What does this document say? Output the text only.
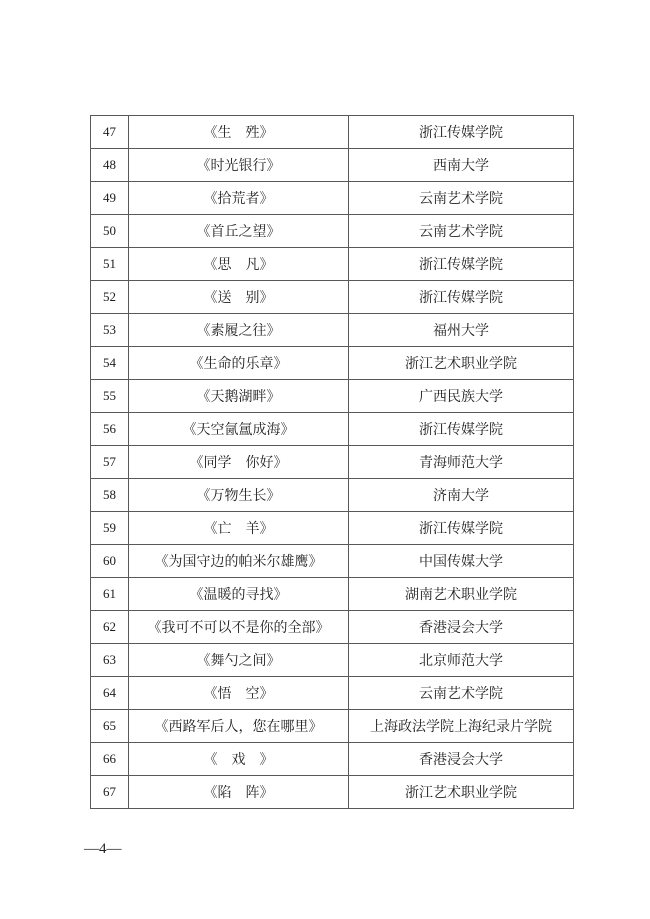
47	《生　殅》	浙江传媒学院
48	《时光银行》	西南大学
49	《拾荒者》	云南艺术学院
50	《首丘之望》	云南艺术学院
51	《思　凡》	浙江传媒学院
52	《送　别》	浙江传媒学院
53	《素履之往》	福州大学
54	《生命的乐章》	浙江艺术职业学院
55	《天鹅湖畔》	广西民族大学
56	《天空氤氲成海》	浙江传媒学院
57	《同学　你好》	青海师范大学
58	《万物生长》	济南大学
59	《亡　羊》	浙江传媒学院
60	《为国守边的帕米尔雄鹰》	中国传媒大学
61	《温暖的寻找》	湖南艺术职业学院
62	《我可不可以不是你的全部》	香港浸会大学
63	《舞勺之间》	北京师范大学
64	《悟　空》	云南艺术学院
65	《西路军后人，您在哪里》	上海政法学院上海纪录片学院
66	《　戏　》	香港浸会大学
67	《陷　阵》	浙江艺术职业学院
—4—
